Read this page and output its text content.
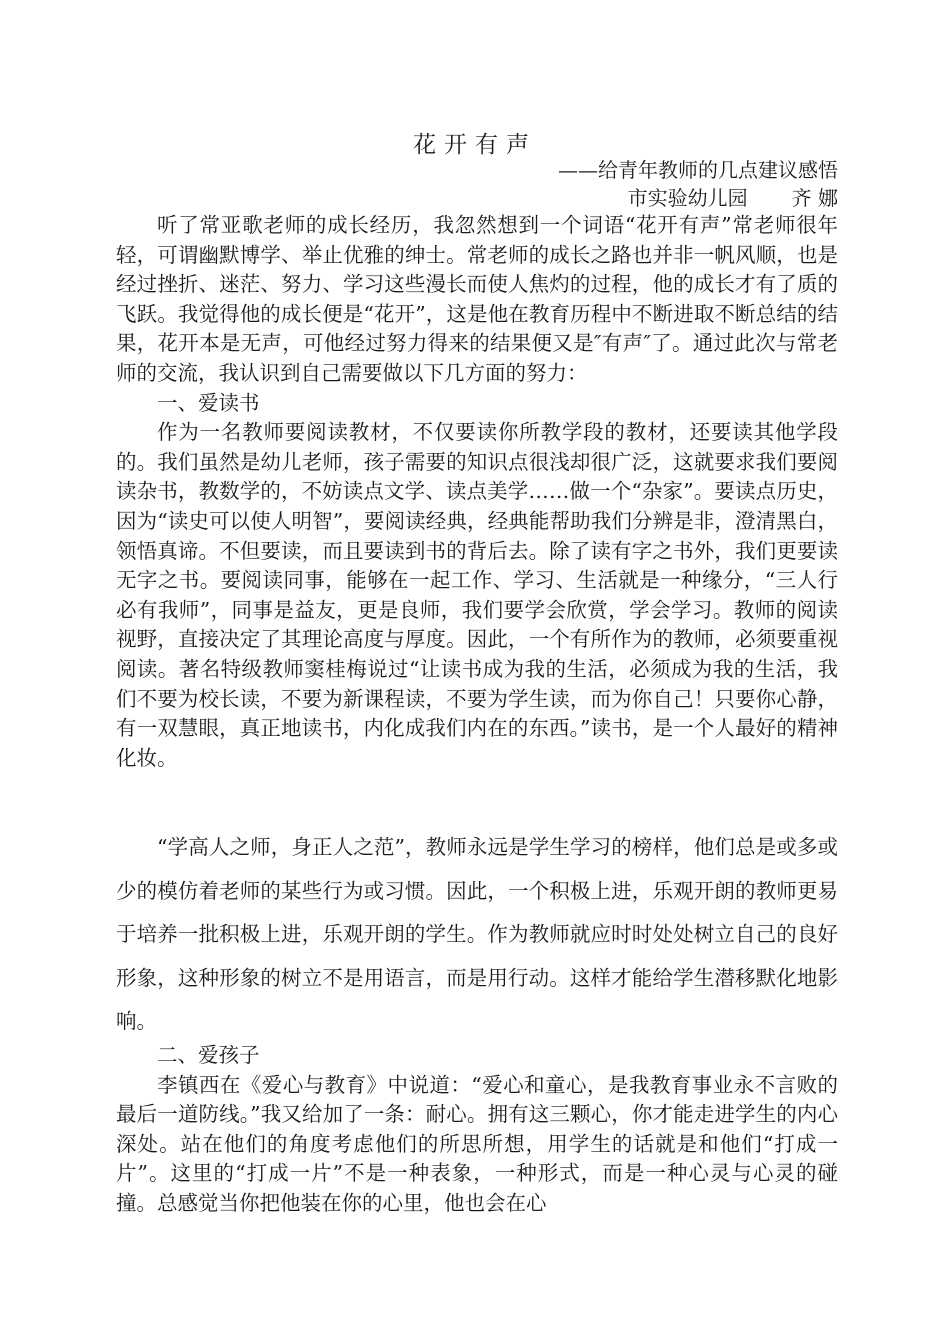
花开有声
——给青年教师的几点建议感悟
市实验幼儿园 齐 娜

听了常亚歌老师的成长经历，我忽然想到一个词语“花开有声”常老师很年轻，可谓幽默博学、举止优雅的绅士。常老师的成长之路也并非一帆风顺，也是经过挫折、迷茫、努力、学习这些漫长而使人焦灼的过程，他的成长才有了质的飞跃。我觉得他的成长便是“花开”，这是他在教育历程中不断进取不断总结的结果，花开本是无声，可他经过努力得来的结果便又是″有声″了。通过此次与常老师的交流，我认识到自己需要做以下几方面的努力：

一、爱读书

作为一名教师要阅读教材，不仅要读你所教学段的教材，还要读其他学段的。我们虽然是幼儿老师，孩子需要的知识点很浅却很广泛，这就要求我们要阅读杂书，教数学的，不妨读点文学、读点美学……做一个“杂家”。要读点历史，因为“读史可以使人明智”，要阅读经典，经典能帮助我们分辨是非，澄清黑白，领悟真谛。不但要读，而且要读到书的背后去。除了读有字之书外，我们更要读无字之书。要阅读同事，能够在一起工作、学习、生活就是一种缘分，“三人行必有我师”，同事是益友，更是良师，我们要学会欣赏，学会学习。教师的阅读视野，直接决定了其理论高度与厚度。因此，一个有所作为的教师，必须要重视阅读。著名特级教师窦桂梅说过“让读书成为我的生活，必须成为我的生活，我们不要为校长读，不要为新课程读，不要为学生读，而为你自己！只要你心静，有一双慧眼，真正地读书，内化成我们内在的东西。”读书，是一个人最好的精神化妆。

“学高人之师，身正人之范”，教师永远是学生学习的榜样，他们总是或多或少的模仿着老师的某些行为或习惯。因此，一个积极上进，乐观开朗的教师更易于培养一批积极上进，乐观开朗的学生。作为教师就应时时处处树立自己的良好形象，这种形象的树立不是用语言，而是用行动。这样才能给学生潜移默化地影响。

二、爱孩子

李镇西在《爱心与教育》中说道：“爱心和童心，是我教育事业永不言败的最后一道防线。”我又给加了一条：耐心。拥有这三颗心，你才能走进学生的内心深处。站在他们的角度考虑他们的所思所想，用学生的话就是和他们“打成一片”。这里的“打成一片”不是一种表象，一种形式，而是一种心灵与心灵的碰撞。总感觉当你把他装在你的心里，他也会在心
